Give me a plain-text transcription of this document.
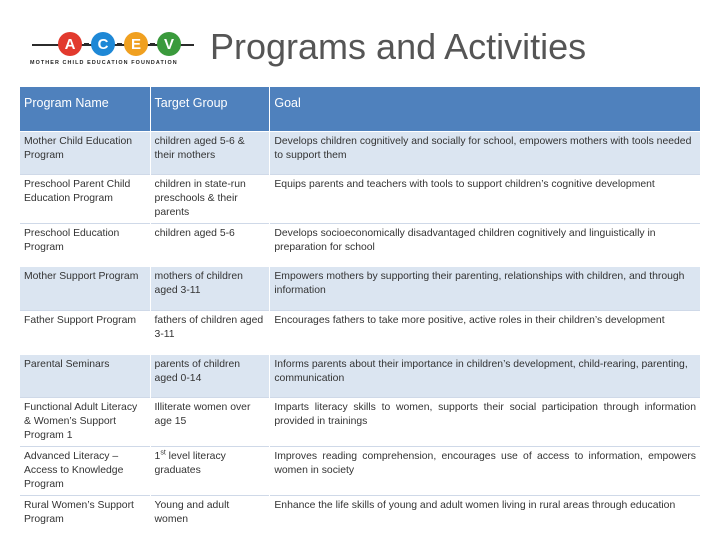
A	C	E	V
MOTHER CHILD EDUCATION FOUNDATION Programs and Activities
Program Name	Target Group	Goal
Mother Child Education Program	children aged 5-6 & their mothers	Develops children cognitively and socially for school, empowers mothers with tools needed to support them
Preschool Parent Child Education Program	children in state-run preschools & their parents	Equips parents and teachers with tools to support children’s cognitive development
Preschool Education Program	children aged 5-6	Develops socioeconomically disadvantaged children cognitively and linguistically in preparation for school
Mother Support Program	mothers of children aged 3-11	Empowers mothers by supporting their parenting, relationships with children, and through information
Father Support Program	fathers of children aged 3-11	Encourages fathers to take more positive, active roles in their children’s development
Parental Seminars	parents of children aged 0-14	Informs parents about their importance in children’s development, child-rearing, parenting, communication
Functional Adult Literacy & Women’s Support Program 1	Illiterate women over age 15	Imparts literacy skills to women, supports their social participation through information provided in trainings
Advanced Literacy – Access to Knowledge Program	1st level literacy graduates	Improves reading comprehension, encourages use of access to information, empowers women in society
Rural Women’s Support Program	Young and adult women	Enhance the life skills of young and adult women living in rural areas through education
